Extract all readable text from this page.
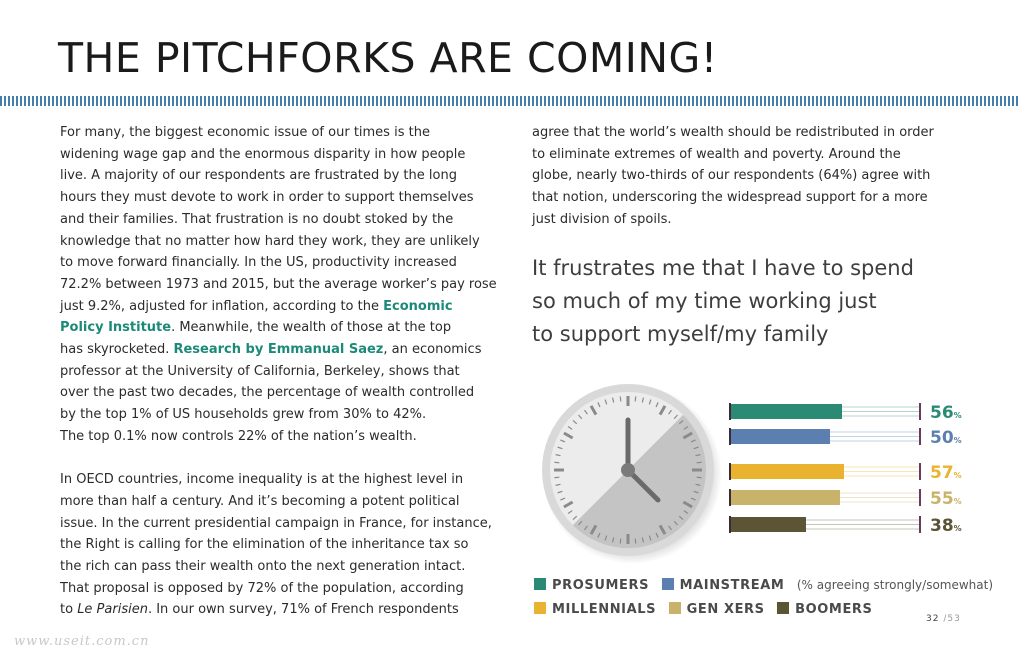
THE PITCHFORKS ARE COMING!
For many, the biggest economic issue of our times is the
widening wage gap and the enormous disparity in how people
live. A majority of our respondents are frustrated by the long
hours they must devote to work in order to support themselves
and their families. That frustration is no doubt stoked by the
knowledge that no matter how hard they work, they are unlikely
to move forward financially. In the US, productivity increased
72.2% between 1973 and 2015, but the average worker’s pay rose
just 9.2%, adjusted for inflation, according to the Economic
Policy Institute. Meanwhile, the wealth of those at the top
has skyrocketed. Research by Emmanual Saez, an economics
professor at the University of California, Berkeley, shows that
over the past two decades, the percentage of wealth controlled
by the top 1% of US households grew from 30% to 42%.
The top 0.1% now controls 22% of the nation’s wealth.
In OECD countries, income inequality is at the highest level in
more than half a century. And it’s becoming a potent political
issue. In the current presidential campaign in France, for instance,
the Right is calling for the elimination of the inheritance tax so
the rich can pass their wealth onto the next generation intact.
That proposal is opposed by 72% of the population, according
to Le Parisien. In our own survey, 71% of French respondents
agree that the world’s wealth should be redistributed in order
to eliminate extremes of wealth and poverty. Around the
globe, nearly two-thirds of our respondents (64%) agree with
that notion, underscoring the widespread support for a more
just division of spoils.
It frustrates me that I have to spend
so much of my time working just
to support myself/my family
56%
50%
57%
55%
38%
PROSUMERS MAINSTREAM (% agreeing strongly/somewhat)
MILLENNIALS GEN XERS BOOMERS
32 /53
www.useit.com.cn
